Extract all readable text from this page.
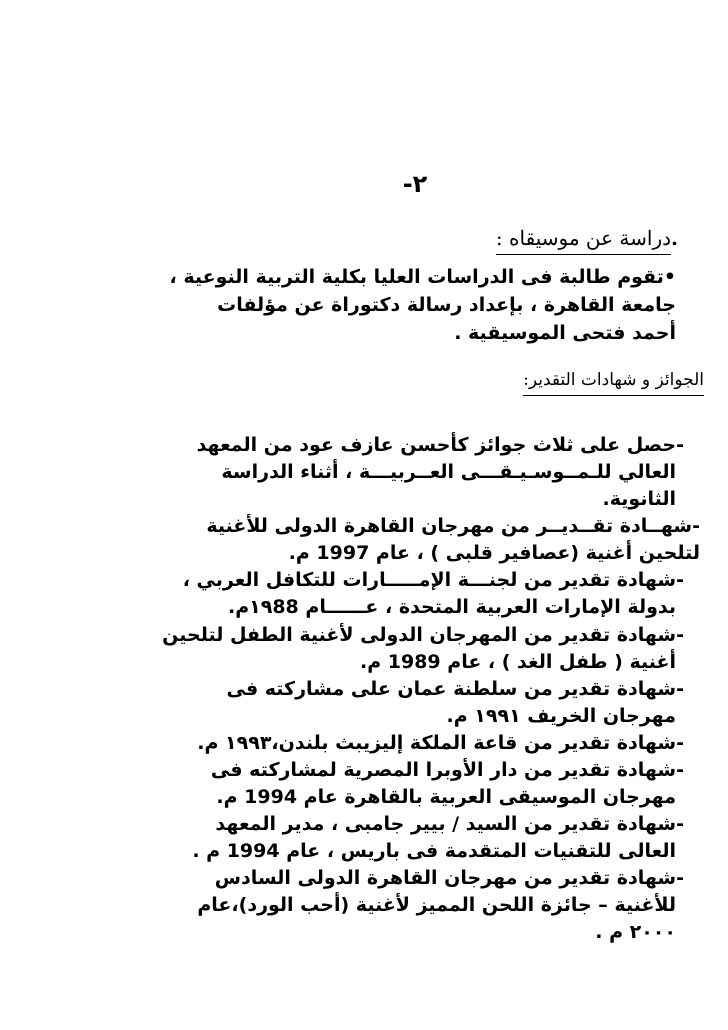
٢-
.دراسة عن موسيقاه :
•تقوم طالبة فى الدراسات العليا بكلية التربية النوعية ،
جامعة القاهرة ، بإعداد رسالة دكتوراة عن مؤلفات
أحمد فتحى الموسيقية .
الجوائز و شهادات التقدير:
-حصل على ثلاث جوائز كأحسن عازف عود من المعهد
العالي للـمــوسـيـقـــى العــربيـــة ، أثناء الدراسة
الثانوية.
-شهــادة تقــديــر من مهرجان القاهرة الدولى للأغنية
لتلحين أغنية (عصافير قلبى ) ، عام 1997 م.
-شهادة تقدير من لجنـــة الإمـــــارات للتكافل العربي ،
بدولة الإمارات العربية المتحدة ، عــــــام ١٩88م.
-شهادة تقدير من المهرجان الدولى لأغنية الطفل لتلحين
أغنية ( طفل الغد ) ، عام 1989 م.
-شهادة تقدير من سلطنة عمان على مشاركته فى
مهرجان الخريف ١٩٩١ م.
-شهادة تقدير من قاعة الملكة إليزيبث بلندن،١٩٩٣ م.
-شهادة تقدير من دار الأوبرا المصرية لمشاركته فى
مهرجان الموسيقى العربية بالقاهرة عام 1994 م.
-شهادة تقدير من السيد / بيير جامبى ، مدير المعهد
العالى للتقنيات المتقدمة فى باريس ، عام 1994 م .
-شهادة تقدير من مهرجان القاهرة الدولى السادس
للأغنية – جائزة اللحن المميز لأغنية (أحب الورد)،عام
٢٠٠٠ م .
